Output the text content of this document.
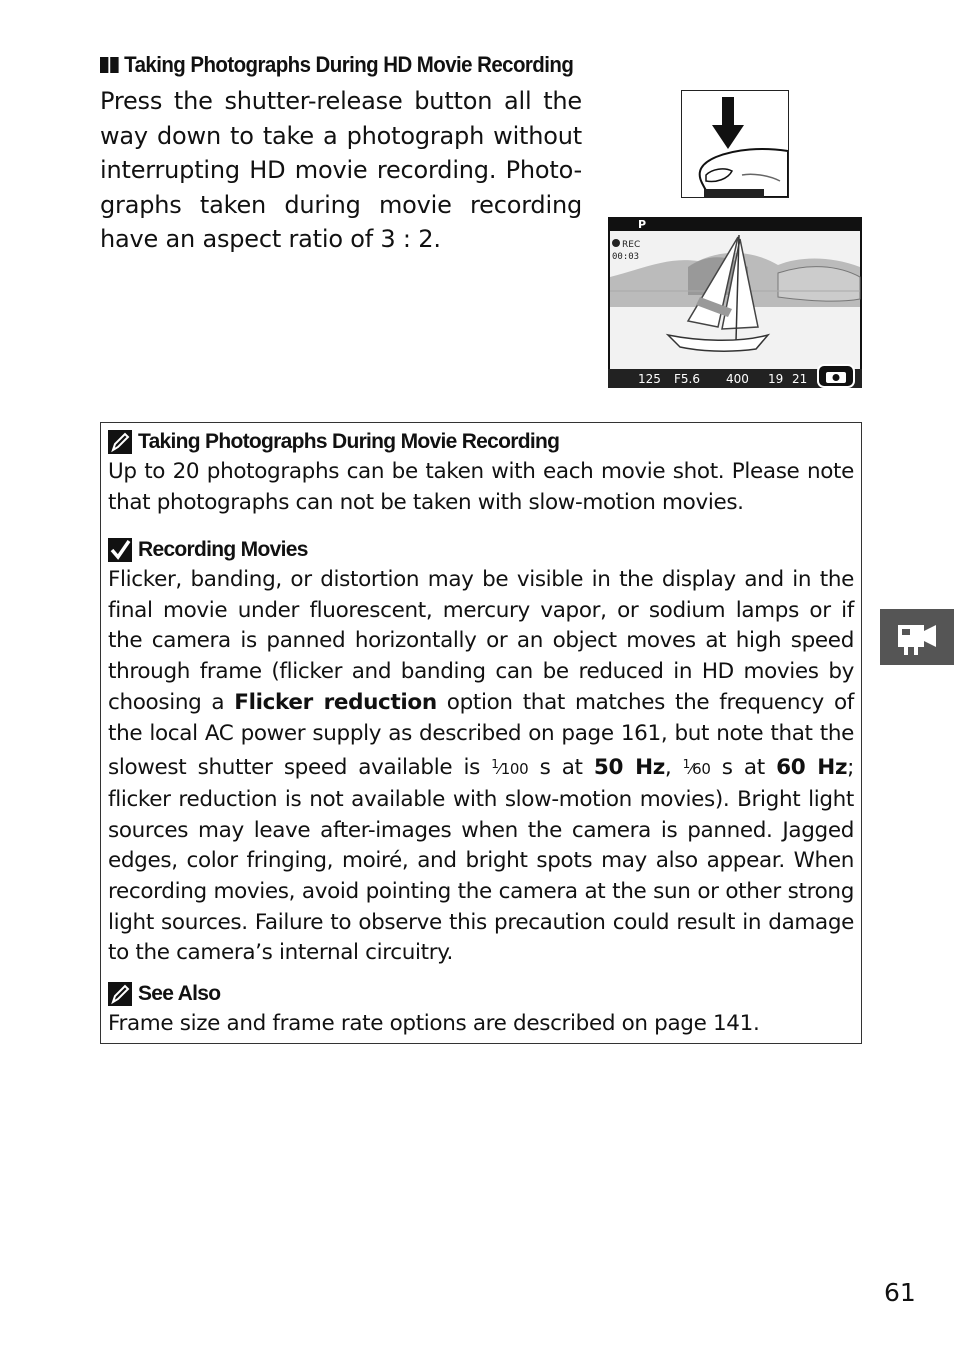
Taking Photographs During HD Movie Recording
Press the shutter-release button all the way down to take a photograph without interrupting HD movie recording. Photo-graphs taken during movie recording have an aspect ratio of 3 : 2.
P
REC
00:03
125 F5.6 400 19 21
Taking Photographs During Movie Recording
Up to 20 photographs can be taken with each movie shot. Please note that photographs can not be taken with slow-motion movies.
Recording Movies
Flicker, banding, or distortion may be visible in the display and in the final movie under fluorescent, mercury vapor, or sodium lamps or if the camera is panned horizontally or an object moves at high speed through frame (flicker and banding can be reduced in HD movies by choosing a Flicker reduction option that matches the frequency of the local AC power supply as described on page 161, but note that the slowest shutter speed available is $^1$⁄100 s at 50 Hz, $^1$⁄60 s at 60 Hz; flicker reduction is not available with slow-motion movies). Bright light sources may leave after-images when the camera is panned. Jagged edges, color fringing, moiré, and bright spots may also appear. When recording movies, avoid pointing the camera at the sun or other strong light sources. Failure to observe this precaution could result in damage to the camera’s internal circuitry.
See Also
Frame size and frame rate options are described on page 141.
61
